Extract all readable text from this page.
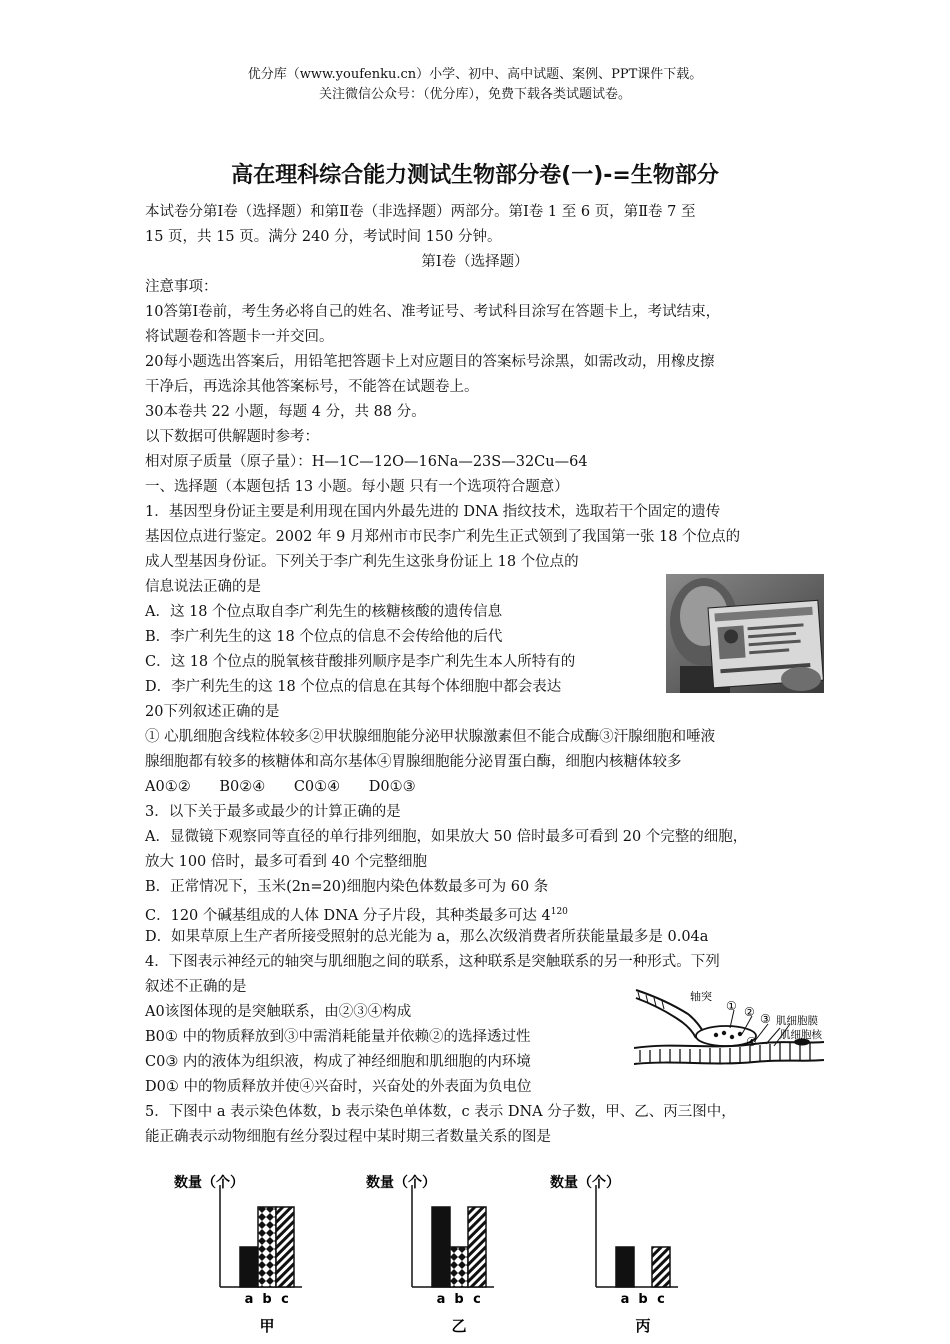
优分库（www.youfenku.cn）小学、初中、高中试题、案例、PPT课件下载。
关注微信公众号：（优分库），免费下载各类试题试卷。
高在理科综合能力测试生物部分卷(一)-=生物部分
本试卷分第Ⅰ卷（选择题）和第Ⅱ卷（非选择题）两部分。第Ⅰ卷 1 至 6 页，第Ⅱ卷 7 至
15 页，共 15 页。满分 240 分，考试时间 150 分钟。
第Ⅰ卷（选择题）
注意事项：
10答第Ⅰ卷前，考生务必将自己的姓名、准考证号、考试科目涂写在答题卡上，考试结束，
将试题卷和答题卡一并交回。
20每小题选出答案后，用铅笔把答题卡上对应题目的答案标号涂黑，如需改动，用橡皮擦
干净后，再选涂其他答案标号，不能答在试题卷上。
30本卷共 22 小题，每题 4 分，共 88 分。
以下数据可供解题时参考：
相对原子质量（原子量）：H—1C—12O—16Na—23S—32Cu—64
一、选择题（本题包括 13 小题。每小题 只有一个选项符合题意）
1．基因型身份证主要是利用现在国内外最先进的 DNA 指纹技术，选取若干个固定的遗传
基因位点进行鉴定。2002 年 9 月郑州市市民李广利先生正式领到了我国第一张 18 个位点的
成人型基因身份证。下列关于李广利先生这张身份证上 18 个位点的
信息说法正确的是
A．这 18 个位点取自李广利先生的核糖核酸的遗传信息
B．李广利先生的这 18 个位点的信息不会传给他的后代
C．这 18 个位点的脱氧核苷酸排列顺序是李广利先生本人所特有的
D．李广利先生的这 18 个位点的信息在其每个体细胞中都会表达
20下列叙述正确的是
① 心肌细胞含线粒体较多②甲状腺细胞能分泌甲状腺激素但不能合成酶③汗腺细胞和唾液
腺细胞都有较多的核糖体和高尔基体④胃腺细胞能分泌胃蛋白酶，细胞内核糖体较多
A0①② B0②④ C0①④ D0①③
3．以下关于最多或最少的计算正确的是
A．显微镜下观察同等直径的单行排列细胞，如果放大 50 倍时最多可看到 20 个完整的细胞，
放大 100 倍时，最多可看到 40 个完整细胞
B．正常情况下，玉米(2n=20)细胞内染色体数最多可为 60 条
C．120 个碱基组成的人体 DNA 分子片段，其种类最多可达 $4^{120}$
D．如果草原上生产者所接受照射的总光能为 a，那么次级消费者所获能量最多是 0.04a
4．下图表示神经元的轴突与肌细胞之间的联系，这种联系是突触联系的另一种形式。下列
叙述不正确的是
A0该图体现的是突触联系，由②③④构成
B0① 中的物质释放到③中需消耗能量并依赖②的选择透过性
C0③ 内的液体为组织液，构成了神经细胞和肌细胞的内环境
D0① 中的物质释放并使④兴奋时，兴奋处的外表面为负电位
轴突
① ② ③
④
肌细胞膜
肌细胞核
5．下图中 a 表示染色体数，b 表示染色单体数，c 表示 DNA 分子数，甲、乙、丙三图中，
能正确表示动物细胞有丝分裂过程中某时期三者数量关系的图是
数量（个）
a b c
甲
数量（个）
a b c
乙
数量（个）
a b c
丙
